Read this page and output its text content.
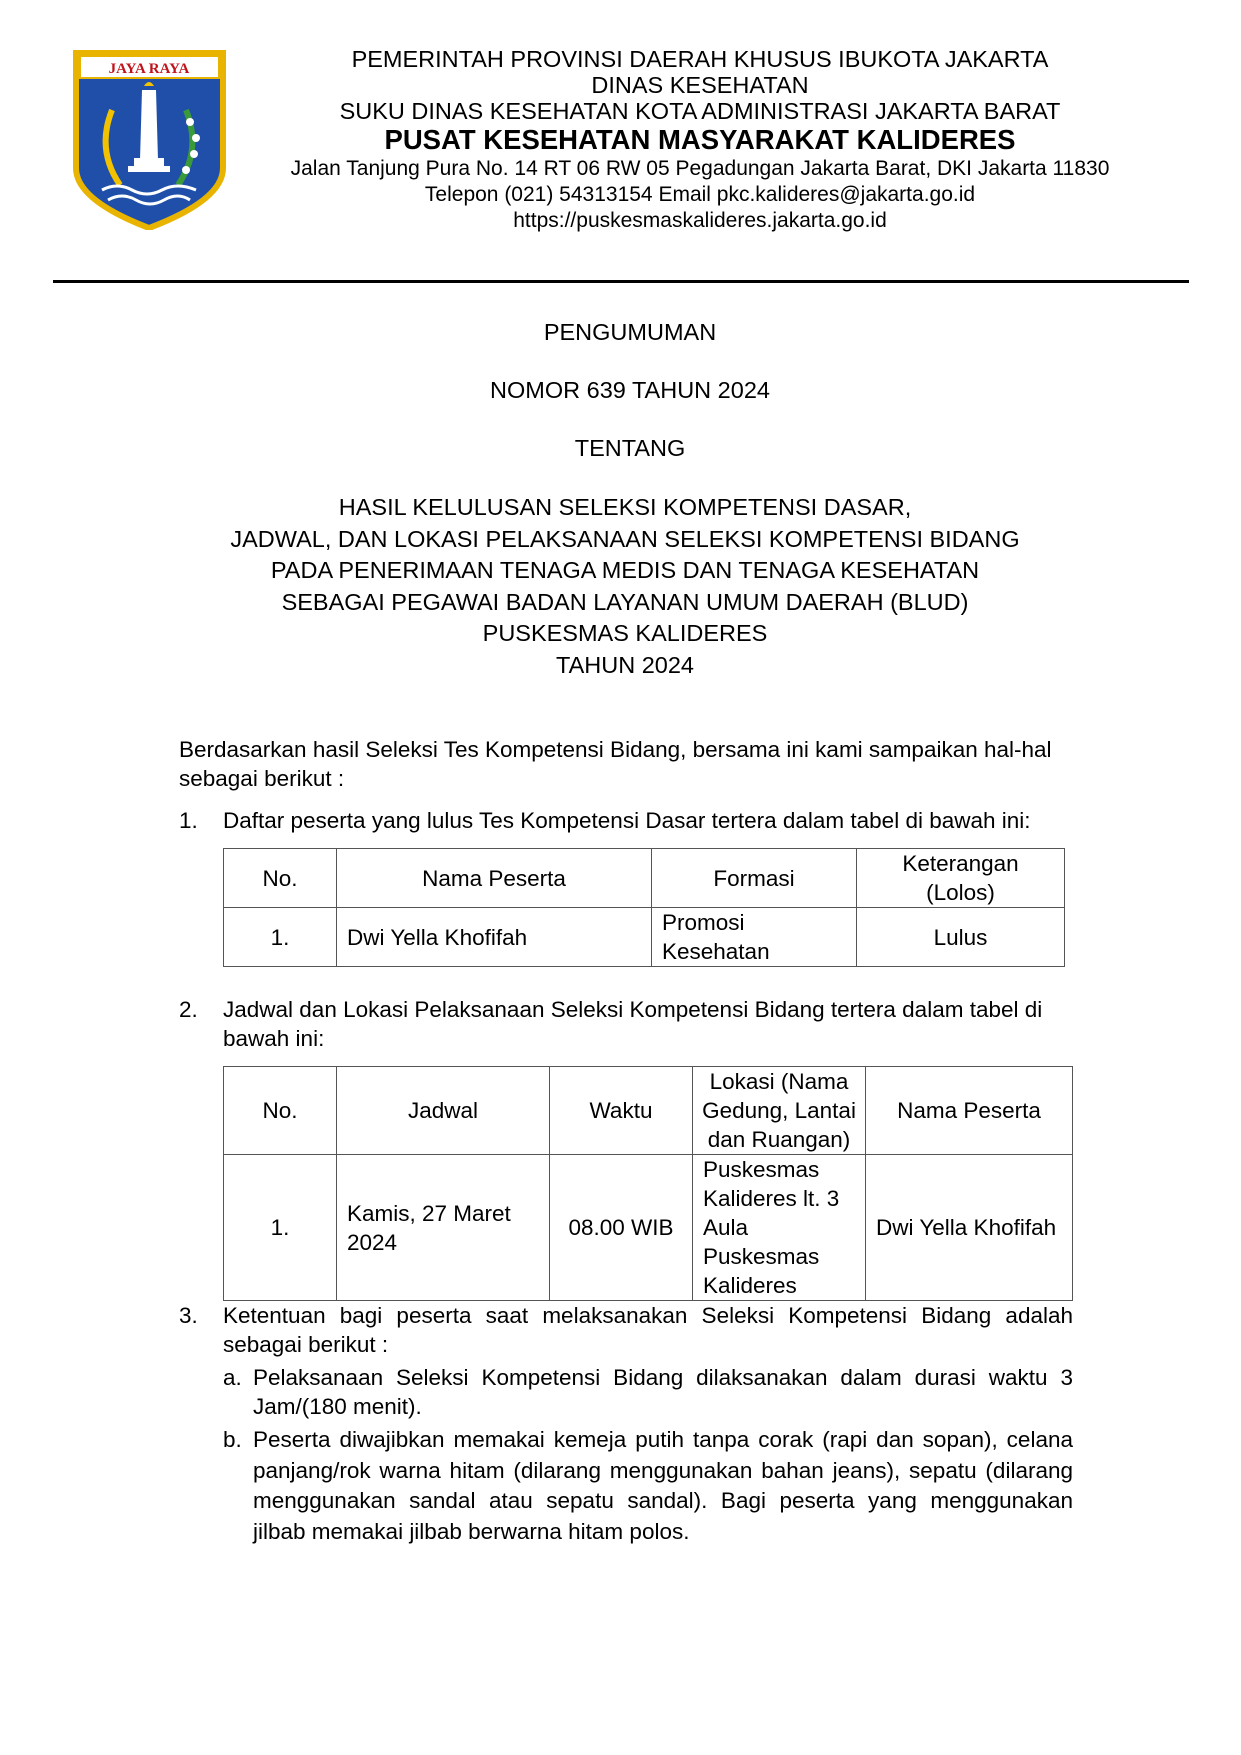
JAYA RAYA	PEMERINTAH PROVINSI DAERAH KHUSUS IBUKOTA JAKARTA
DINAS KESEHATAN
SUKU DINAS KESEHATAN KOTA ADMINISTRASI JAKARTA BARAT
PUSAT KESEHATAN MASYARAKAT KALIDERES
Jalan Tanjung Pura No. 14 RT 06 RW 05 Pegadungan Jakarta Barat, DKI Jakarta 11830
Telepon (021) 54313154 Email pkc.kalideres@jakarta.go.id
https://puskesmaskalideres.jakarta.go.id
PENGUMUMAN
NOMOR 639 TAHUN 2024
TENTANG
HASIL KELULUSAN SELEKSI KOMPETENSI DASAR,
JADWAL, DAN LOKASI PELAKSANAAN SELEKSI KOMPETENSI BIDANG
PADA PENERIMAAN TENAGA MEDIS DAN TENAGA KESEHATAN
SEBAGAI PEGAWAI BADAN LAYANAN UMUM DAERAH (BLUD)
PUSKESMAS KALIDERES
TAHUN 2024
Berdasarkan hasil Seleksi Tes Kompetensi Bidang, bersama ini kami sampaikan hal-hal sebagai berikut :
1. Daftar peserta yang lulus Tes Kompetensi Dasar tertera dalam tabel di bawah ini:
No.	Nama Peserta	Formasi	Keterangan (Lolos)
1.	Dwi Yella Khofifah	Promosi Kesehatan	Lulus
2. Jadwal dan Lokasi Pelaksanaan Seleksi Kompetensi Bidang tertera dalam tabel di bawah ini:
No.	Jadwal	Waktu	Lokasi (Nama Gedung, Lantai dan Ruangan)	Nama Peserta
1.	Kamis, 27 Maret 2024	08.00 WIB	Puskesmas Kalideres lt. 3 Aula Puskesmas Kalideres	Dwi Yella Khofifah
3. Ketentuan bagi peserta saat melaksanakan Seleksi Kompetensi Bidang adalah sebagai berikut :
a. Pelaksanaan Seleksi Kompetensi Bidang dilaksanakan dalam durasi waktu 3 Jam/(180 menit).
b. Peserta diwajibkan memakai kemeja putih tanpa corak (rapi dan sopan), celana panjang/rok warna hitam (dilarang menggunakan bahan jeans), sepatu (dilarang menggunakan sandal atau sepatu sandal). Bagi peserta yang menggunakan jilbab memakai jilbab berwarna hitam polos.
